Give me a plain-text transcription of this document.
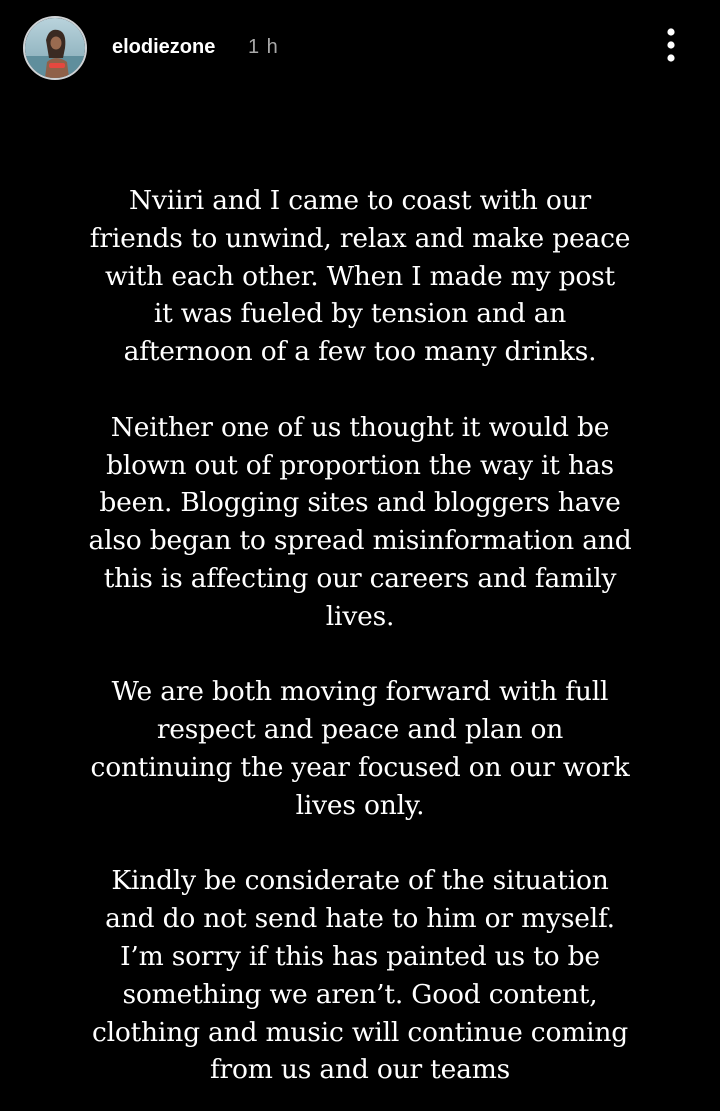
elodiezone 1 h
Nviiri and I came to coast with our
friends to unwind, relax and make peace
with each other. When I made my post
it was fueled by tension and an
afternoon of a few too many drinks.
Neither one of us thought it would be
blown out of proportion the way it has
been. Blogging sites and bloggers have
also began to spread misinformation and
this is affecting our careers and family
lives.
We are both moving forward with full
respect and peace and plan on
continuing the year focused on our work
lives only.
Kindly be considerate of the situation
and do not send hate to him or myself.
I’m sorry if this has painted us to be
something we aren’t. Good content,
clothing and music will continue coming
from us and our teams
